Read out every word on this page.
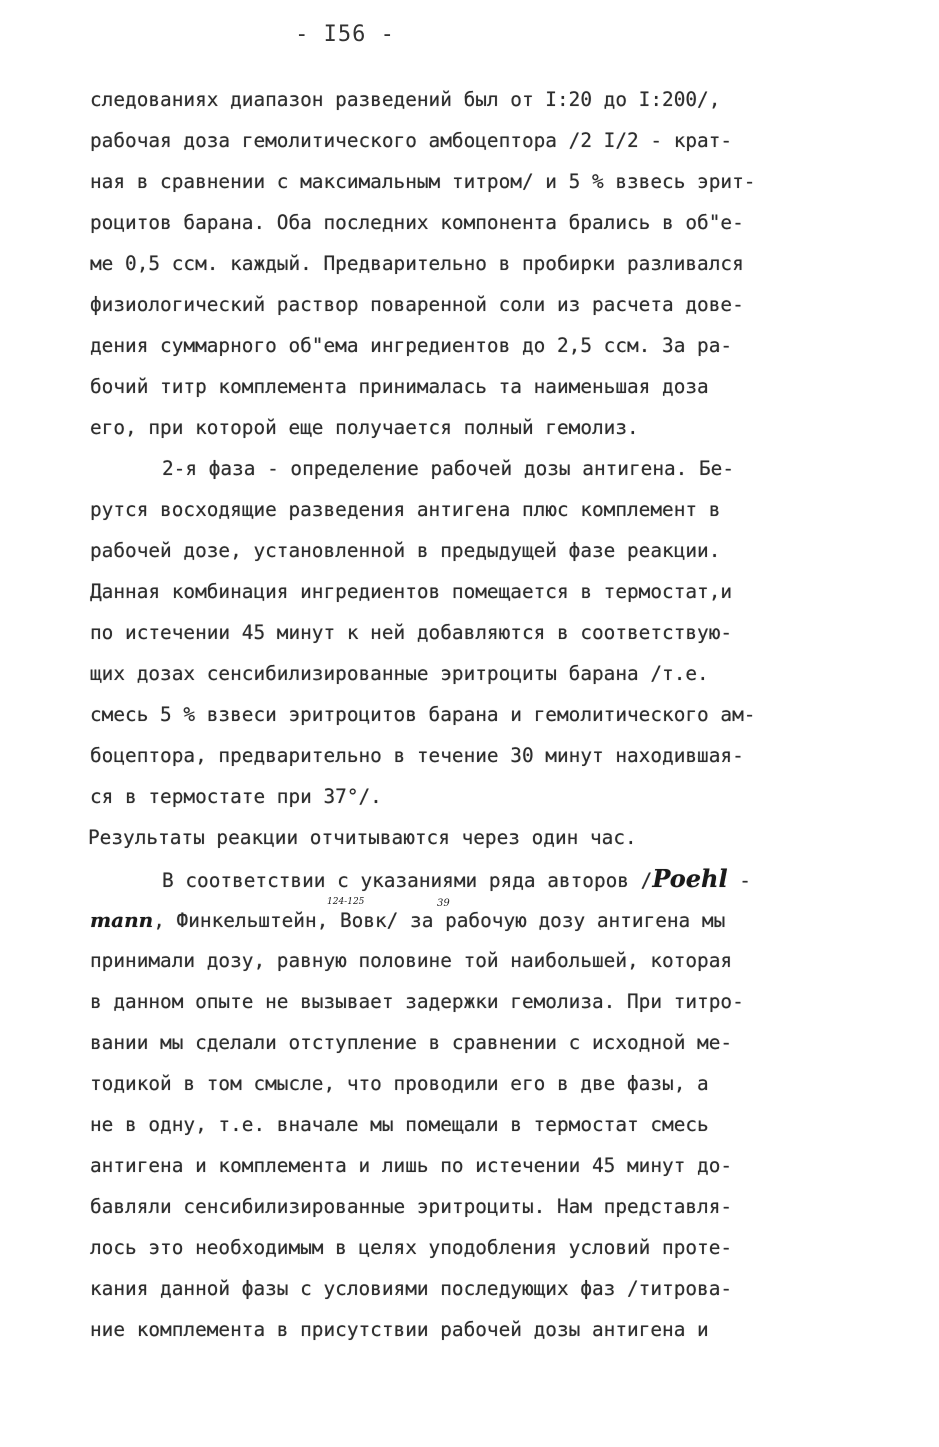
- I56 -
следованиях диапазон разведений был от I:20 до I:200/,
рабочая доза гемолитического амбоцептора /2 I/2 - крат-
ная в сравнении с максимальным титром/ и 5 % взвесь эрит-
роцитов барана. Оба последних компонента брались в об"е-
ме 0,5 ссм. каждый. Предварительно в пробирки разливался
физиологический раствор поваренной соли из расчета дове-
дения суммарного об"ема ингредиентов до 2,5 ссм. За ра-
бочий титр комплемента принималась та наименьшая доза
его, при которой еще получается полный гемолиз.
2-я фаза - определение рабочей дозы антигена. Бе-
рутся восходящие разведения антигена плюс комплемент в
рабочей дозе, установленной в предыдущей фазе реакции.
Данная комбинация ингредиентов помещается в термостат,и
по истечении 45 минут к ней добавляются в соответствую-
щих дозах сенсибилизированные эритроциты барана /т.е.
смесь 5 % взвеси эритроцитов барана и гемолитического ам-
боцептора, предварительно в течение 30 минут находившая-
ся в термостате при 37°/.
Результаты реакции отчитываются через один час.
В соответствии с указаниями ряда авторов /Poehl -
mann, Финкельштейн, Вовк/ за рабочую дозу антигена мы
124-125	39
принимали дозу, равную половине той наибольшей, которая
в данном опыте не вызывает задержки гемолиза. При титро-
вании мы сделали отступление в сравнении с исходной ме-
тодикой в том смысле, что проводили его в две фазы, а
не в одну, т.е. вначале мы помещали в термостат смесь
антигена и комплемента и лишь по истечении 45 минут до-
бавляли сенсибилизированные эритроциты. Нам представля-
лось это необходимым в целях уподобления условий проте-
кания данной фазы с условиями последующих фаз /титрова-
ние комплемента в присутствии рабочей дозы антигена и
